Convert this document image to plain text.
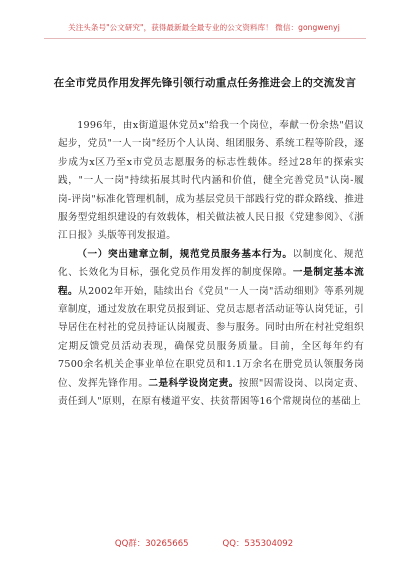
关注头条号"公文研究"，获得最新最全最专业的公文资料库！ 微信：gongwenyj
在全市党员作用发挥先锋引领行动重点任务推进会上的交流发言

1996年，由x街道退休党员x"给我一个岗位，奉献一份余热"倡议起步，党员"一人一岗"经历个人认岗、组团服务、系统工程等阶段，逐步成为x区乃至x市党员志愿服务的标志性载体。经过28年的探索实践，"一人一岗"持续拓展其时代内涵和价值，健全完善党员"认岗-履岗-评岗"标准化管理机制，成为基层党员干部践行党的群众路线、推进服务型党组织建设的有效载体，相关做法被人民日报《党建参阅》、《浙江日报》头版等刊发报道。

（一）突出建章立制，规范党员服务基本行为。以制度化、规范化、长效化为目标，强化党员作用发挥的制度保障。一是制定基本流程。从2002年开始，陆续出台《党员"一人一岗"活动细则》等系列规章制度，通过发放在职党员报到证、党员志愿者活动证等认岗凭证，引导居住在村社的党员持证认岗履责、参与服务。同时由所在村社党组织定期反馈党员活动表现，确保党员服务质量。目前，全区每年约有7500余名机关企事业单位在职党员和1.1万余名在册党员认领服务岗位、发挥先锋作用。二是科学设岗定责。按照"因需设岗、以岗定责、责任到人"原则，在原有楼道平安、扶贫帮困等16个常规岗位的基础上

QQ群：30265665	QQ：535304092
